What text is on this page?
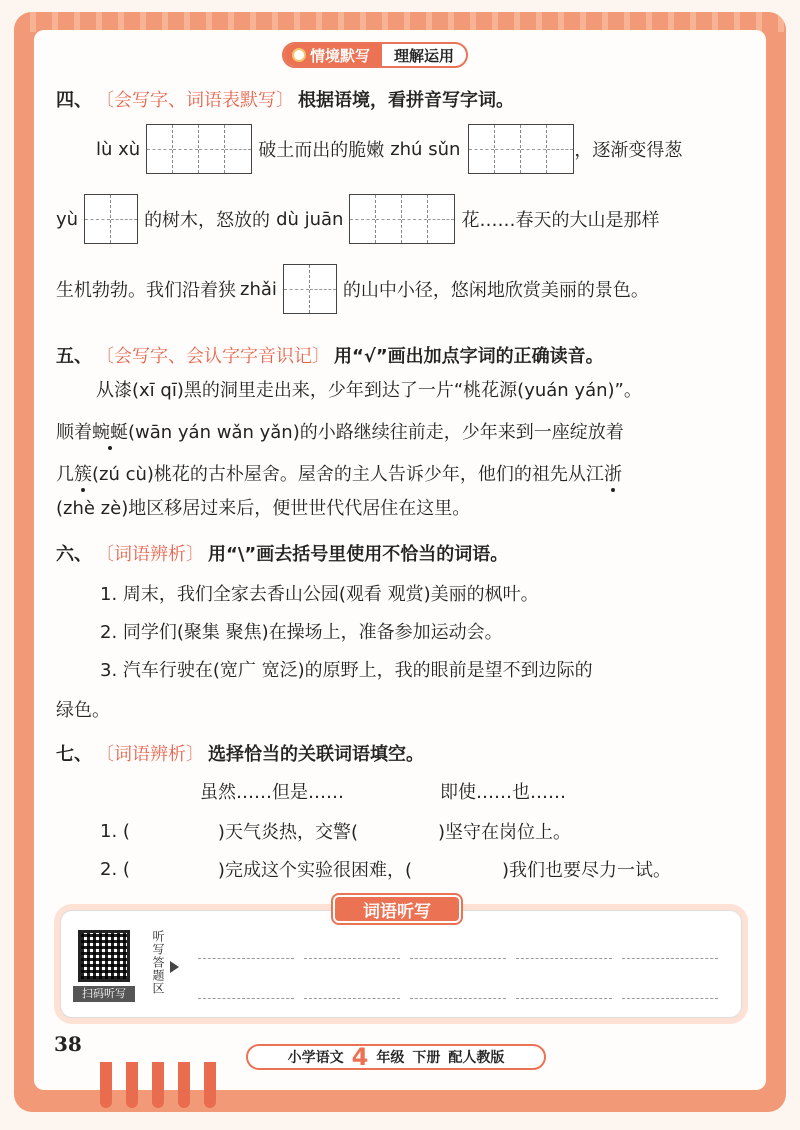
情境默写	理解运用
四、 〔会写字、词语表默写〕 根据语境，看拼音写字词。
lù xù	破土而出的脆嫩 zhú sǔn	，逐渐变得葱
yù	的树木，怒放的 dù juān	花……春天的大山是那样
生机勃勃。我们沿着狭 zhǎi	的山中小径，悠闲地欣赏美丽的景色。
五、 〔会写字、会认字字音识记〕 用“√”画出加点字词的正确读音。
从漆(xī qī)黑的洞里走出来，少年到达了一片“桃花源(yuán yán)”。
顺着 蜿蜒 (wān yán wǎn yǎn)的小路继续往前走，少年来到一座绽放着
几 簇 (zú cù)桃花的古朴屋舍。屋舍的主人告诉少年，他们的祖先从江 浙
(zhè zè)地区移居过来后，便世世代代居住在这里。
六、 〔词语辨析〕 用“\”画去括号里使用不恰当的词语。
1. 周末，我们全家去香山公园(观看 观赏)美丽的枫叶。
2. 同学们(聚集 聚焦)在操场上，准备参加运动会。
3. 汽车行驶在(宽广 宽泛)的原野上，我的眼前是望不到边际的
绿色。
七、 〔词语辨析〕 选择恰当的关联词语填空。
虽然……但是……	即使……也……
1. (	)天气炎热，交警(	)坚守在岗位上。
2. (	)完成这个实验很困难，(	)我们也要尽力一试。
词语听写
扫码听写	听写答题区
38
小学语文 4 年级 下册 配人教版
